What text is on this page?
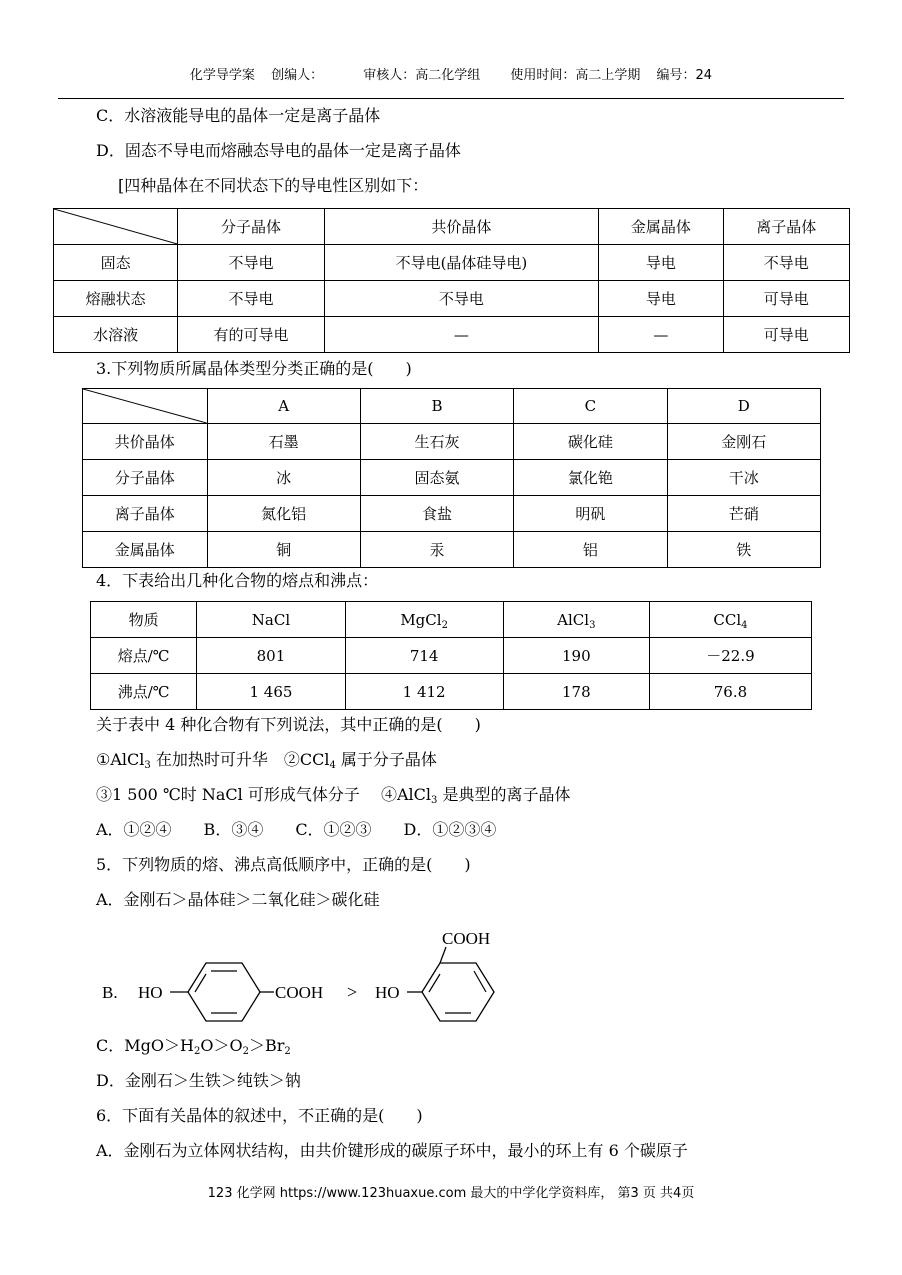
化学导学案 创编人：	审核人：高二化学组 使用时间：高二上学期 编号：24
C．水溶液能导电的晶体一定是离子晶体
D．固态不导电而熔融态导电的晶体一定是离子晶体
[四种晶体在不同状态下的导电性区别如下：
	分子晶体	共价晶体	金属晶体	离子晶体
固态	不导电	不导电(晶体硅导电)	导电	不导电
熔融状态	不导电	不导电	导电	可导电
水溶液	有的可导电	—	—	可导电
3.下列物质所属晶体类型分类正确的是(　　)
	A	B	C	D
共价晶体	石墨	生石灰	碳化硅	金刚石
分子晶体	冰	固态氨	氯化铯	干冰
离子晶体	氮化铝	食盐	明矾	芒硝
金属晶体	铜	汞	铝	铁
4．下表给出几种化合物的熔点和沸点：
物质	NaCl	MgCl$_2$	AlCl$_3$	CCl$_4$
熔点/℃	801	714	190	－22.9
沸点/℃	1 465	1 412	178	76.8
关于表中 4 种化合物有下列说法，其中正确的是(　　)
①AlCl$_3$ 在加热时可升华　②CCl$_4$ 属于分子晶体
③1 500 ℃时 NaCl 可形成气体分子　 ④AlCl$_3$ 是典型的离子晶体
A．①②④　　B．③④　　C．①②③　　D．①②③④
5．下列物质的熔、沸点高低顺序中，正确的是(　　)
A．金刚石＞晶体硅＞二氧化硅＞碳化硅
B. HO	COOH > HO
COOH
C．$MgO>H_2O>O_2>Br_2$
D．金刚石＞生铁＞纯铁＞钠
6．下面有关晶体的叙述中，不正确的是(　　)
A．金刚石为立体网状结构，由共价键形成的碳原子环中，最小的环上有 6 个碳原子
123 化学网 https://www.123huaxue.com 最大的中学化学资料库， 第3 页 共4页
